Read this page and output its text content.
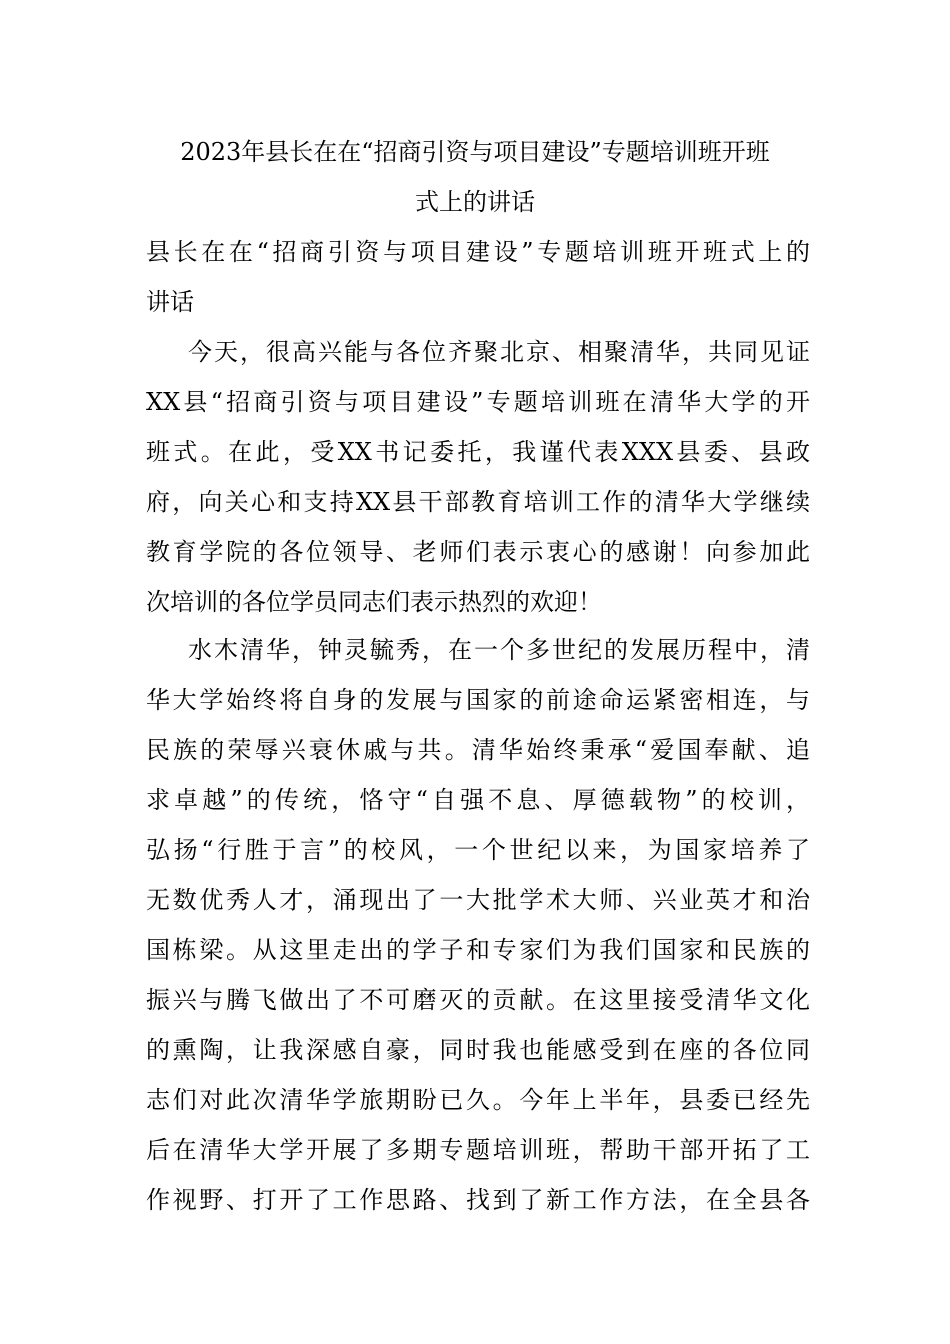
2023年县长在在“招商引资与项目建设”专题培训班开班
式上的讲话
县长在在“招商引资与项目建设”专题培训班开班式上的
讲话
今天，很高兴能与各位齐聚北京、相聚清华，共同见证
XX县“招商引资与项目建设”专题培训班在清华大学的开
班式。在此，受XX书记委托，我谨代表XXX县委、县政
府，向关心和支持XX县干部教育培训工作的清华大学继续
教育学院的各位领导、老师们表示衷心的感谢！向参加此
次培训的各位学员同志们表示热烈的欢迎！
水木清华，钟灵毓秀，在一个多世纪的发展历程中，清
华大学始终将自身的发展与国家的前途命运紧密相连，与
民族的荣辱兴衰休戚与共。清华始终秉承“爱国奉献、追
求卓越”的传统，恪守“自强不息、厚德载物”的校训，
弘扬“行胜于言”的校风，一个世纪以来，为国家培养了
无数优秀人才，涌现出了一大批学术大师、兴业英才和治
国栋梁。从这里走出的学子和专家们为我们国家和民族的
振兴与腾飞做出了不可磨灭的贡献。在这里接受清华文化
的熏陶，让我深感自豪，同时我也能感受到在座的各位同
志们对此次清华学旅期盼已久。今年上半年，县委已经先
后在清华大学开展了多期专题培训班，帮助干部开拓了工
作视野、打开了工作思路、找到了新工作方法，在全县各
